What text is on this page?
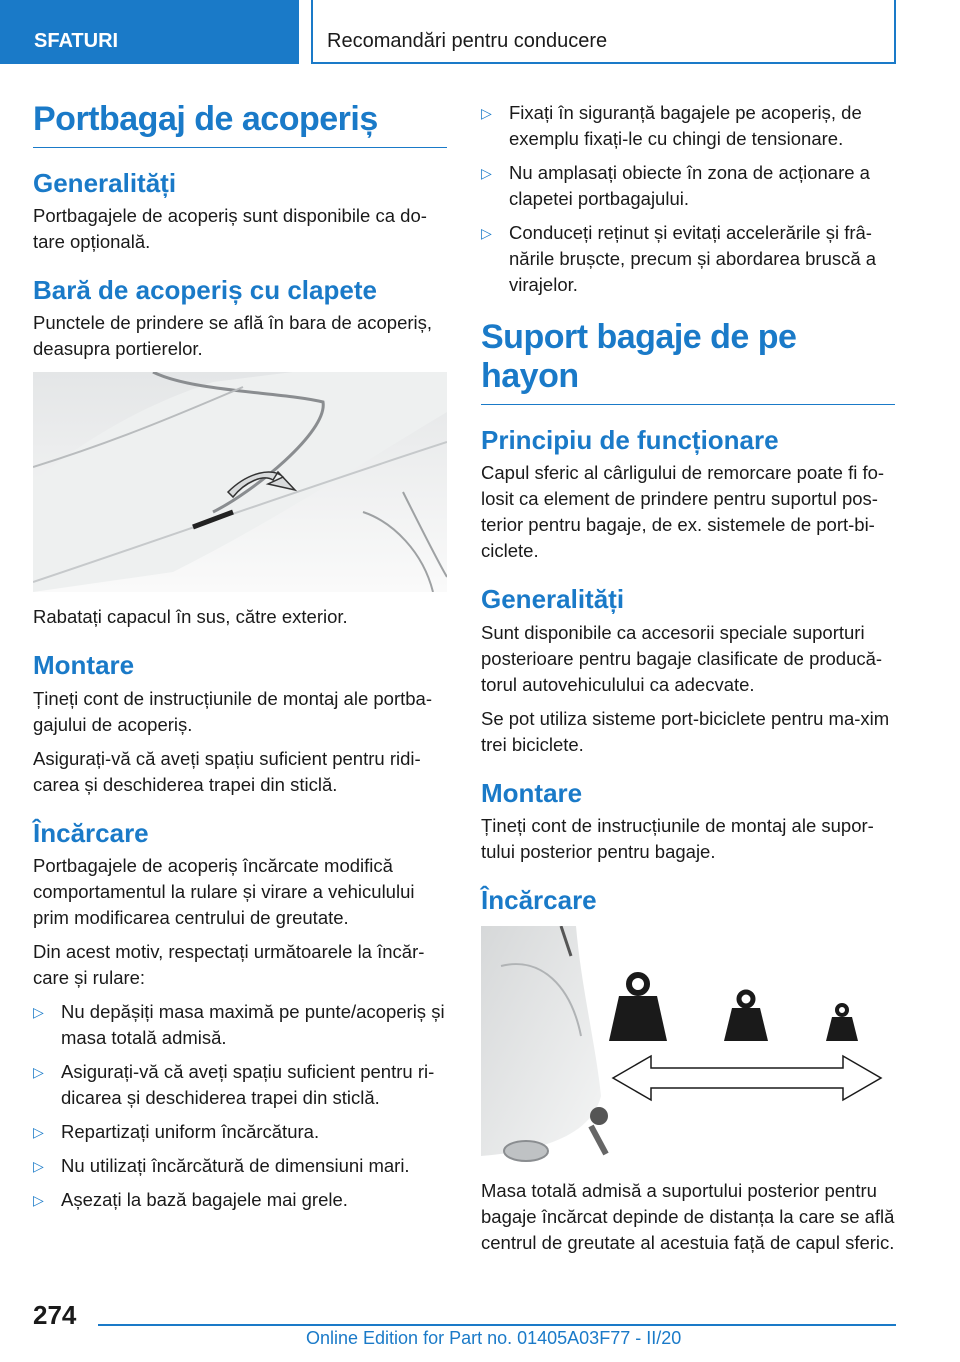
SFATURI	Recomandări pentru conducere
Portbagaj de acoperiș
Generalități
Portbagajele de acoperiș sunt disponibile ca do-tare opțională.
Bară de acoperiș cu clapete
Punctele de prindere se află în bara de acoperiș, deasupra portierelor.
Rabatați capacul în sus, către exterior.
Montare
Țineți cont de instrucțiunile de montaj ale portba-gajului de acoperiș.
Asigurați-vă că aveți spațiu suficient pentru ridi-carea și deschiderea trapei din sticlă.
Încărcare
Portbagajele de acoperiș încărcate modifică comportamentul la rulare și virare a vehiculului prim modificarea centrului de greutate.
Din acest motiv, respectați următoarele la încăr-care și rulare:
▷ Nu depășiți masa maximă pe punte/acoperiș și masa totală admisă.
▷ Asigurați-vă că aveți spațiu suficient pentru ri-dicarea și deschiderea trapei din sticlă.
▷ Repartizați uniform încărcătura.
▷ Nu utilizați încărcătură de dimensiuni mari.
▷ Așezați la bază bagajele mai grele.
▷ Fixați în siguranță bagajele pe acoperiș, de exemplu fixați-le cu chingi de tensionare.
▷ Nu amplasați obiecte în zona de acționare a clapetei portbagajului.
▷ Conduceți reținut și evitați accelerările și frâ-nările brușcte, precum și abordarea bruscă a virajelor.
Suport bagaje de pe hayon
Principiu de funcționare
Capul sferic al cârligului de remorcare poate fi fo-losit ca element de prindere pentru suportul pos-terior pentru bagaje, de ex. sistemele de port-bi-ciclete.
Generalități
Sunt disponibile ca accesorii speciale suporturi posterioare pentru bagaje clasificate de producă-torul autovehiculului ca adecvate.
Se pot utiliza sisteme port-biciclete pentru ma-xim trei biciclete.
Montare
Țineți cont de instrucțiunile de montaj ale supor-tului posterior pentru bagaje.
Încărcare
Masa totală admisă a suportului posterior pentru bagaje încărcat depinde de distanța la care se află centrul de greutate al acestuia față de capul sferic.
274
Online Edition for Part no. 01405A03F77 - II/20
